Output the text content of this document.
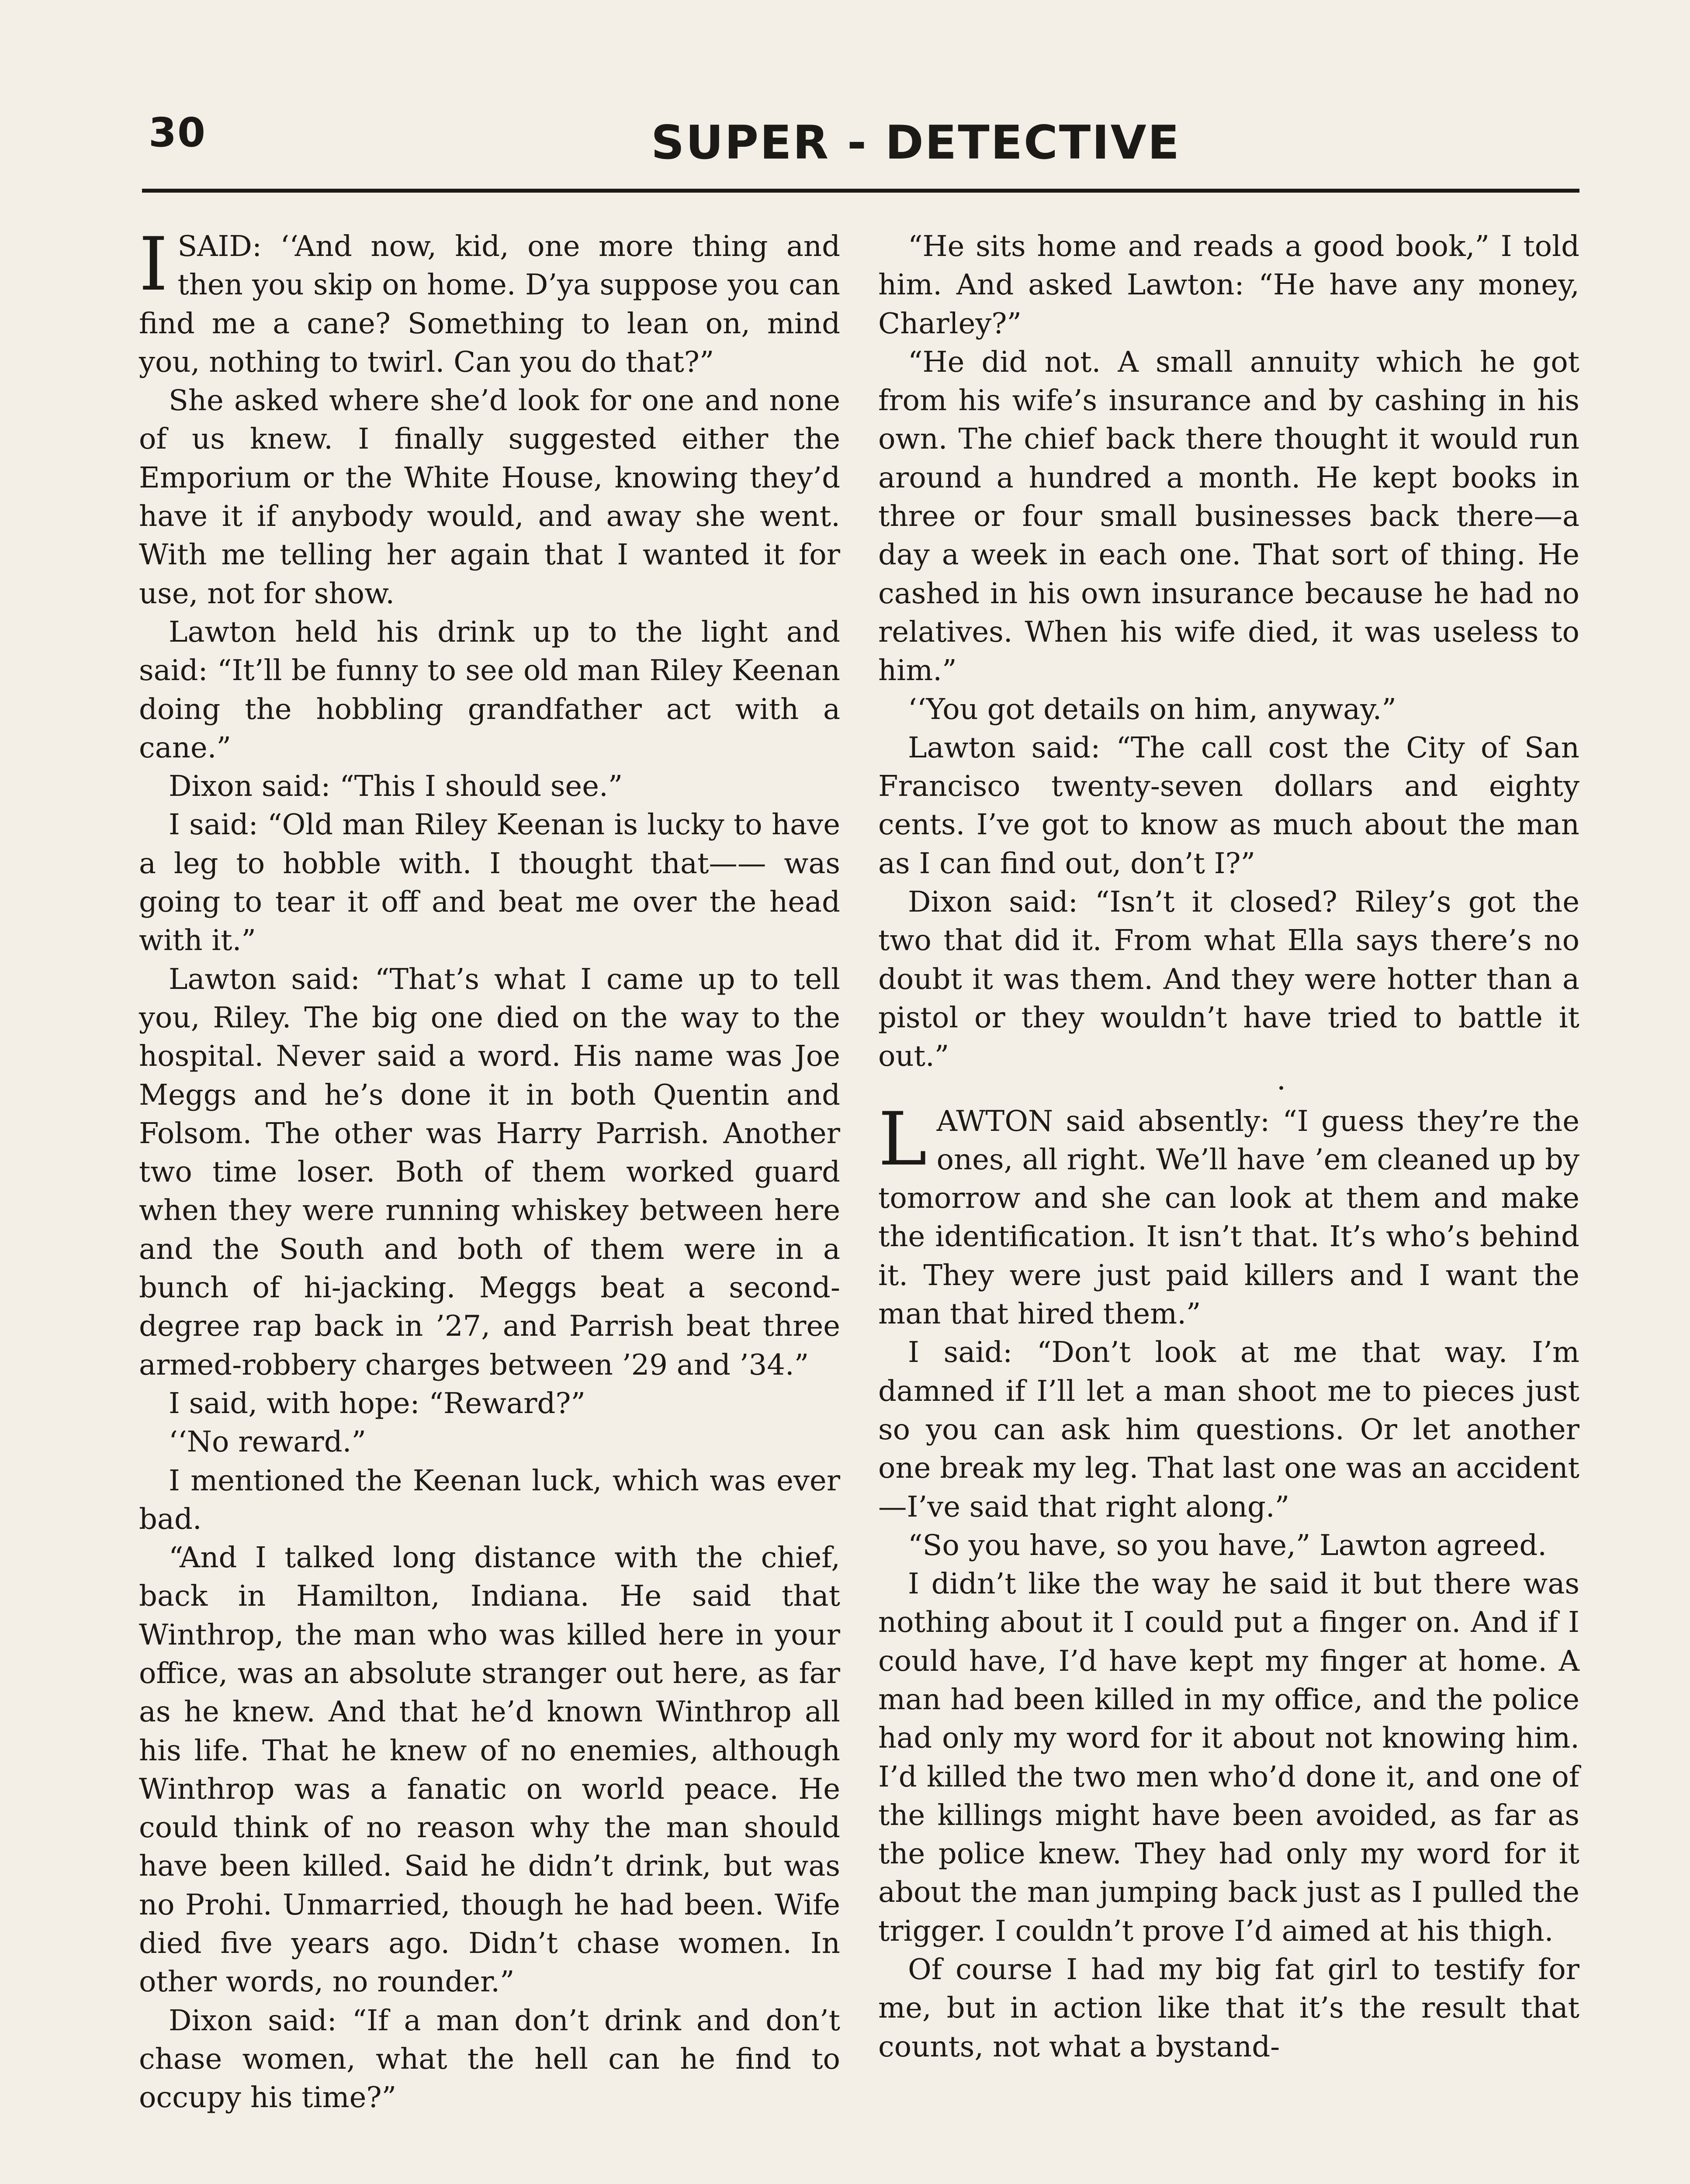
30	SUPER - DETECTIVE

ISAID: ‘‘And now, kid, one more thing and then you skip on home. D’ya suppose you can find me a cane? Something to lean on, mind you, nothing to twirl. Can you do that?”

She asked where she’d look for one and none of us knew. I finally suggested either the Emporium or the White House, knowing they’d have it if anybody would, and away she went. With me telling her again that I wanted it for use, not for show.

Lawton held his drink up to the light and said: “It’ll be funny to see old man Riley Keenan doing the hobbling grandfather act with a cane.”

Dixon said: “This I should see.”

I said: “Old man Riley Keenan is lucky to have a leg to hobble with. I thought that—— was going to tear it off and beat me over the head with it.”

Lawton said: “That’s what I came up to tell you, Riley. The big one died on the way to the hospital. Never said a word. His name was Joe Meggs and he’s done it in both Quentin and Folsom. The other was Harry Parrish. Another two time loser. Both of them worked guard when they were running whiskey between here and the South and both of them were in a bunch of hi-jacking. Meggs beat a second-degree rap back in ’27, and Parrish beat three armed-robbery charges between ’29 and ’34.”

I said, with hope: “Reward?”

‘‘No reward.”

I mentioned the Keenan luck, which was ever bad.

“And I talked long distance with the chief, back in Hamilton, Indiana. He said that Winthrop, the man who was killed here in your office, was an absolute stranger out here, as far as he knew. And that he’d known Winthrop all his life. That he knew of no enemies, although Winthrop was a fanatic on world peace. He could think of no reason why the man should have been killed. Said he didn’t drink, but was no Prohi. Unmarried, though he had been. Wife died five years ago. Didn’t chase women. In other words, no rounder.”

Dixon said: “If a man don’t drink and don’t chase women, what the hell can he find to occupy his time?”

“He sits home and reads a good book,” I told him. And asked Lawton: “He have any money, Charley?”

“He did not. A small annuity which he got from his wife’s insurance and by cashing in his own. The chief back there thought it would run around a hundred a month. He kept books in three or four small businesses back there—a day a week in each one. That sort of thing. He cashed in his own insurance because he had no relatives. When his wife died, it was useless to him.”

‘‘You got details on him, anyway.”

Lawton said: “The call cost the City of San Francisco twenty-seven dollars and eighty cents. I’ve got to know as much about the man as I can find out, don’t I?”

Dixon said: “Isn’t it closed? Riley’s got the two that did it. From what Ella says there’s no doubt it was them. And they were hotter than a pistol or they wouldn’t have tried to battle it out.”

•

LAWTON said absently: “I guess they’re the ones, all right. We’ll have ’em cleaned up by tomorrow and she can look at them and make the identification. It isn’t that. It’s who’s behind it. They were just paid killers and I want the man that hired them.”

I said: “Don’t look at me that way. I’m damned if I’ll let a man shoot me to pieces just so you can ask him questions. Or let another one break my leg. That last one was an accident—I’ve said that right along.”

“So you have, so you have,” Lawton agreed.

I didn’t like the way he said it but there was nothing about it I could put a finger on. And if I could have, I’d have kept my finger at home. A man had been killed in my office, and the police had only my word for it about not knowing him. I’d killed the two men who’d done it, and one of the killings might have been avoided, as far as the police knew. They had only my word for it about the man jumping back just as I pulled the trigger. I couldn’t prove I’d aimed at his thigh.

Of course I had my big fat girl to testify for me, but in action like that it’s the result that counts, not what a bystand-
